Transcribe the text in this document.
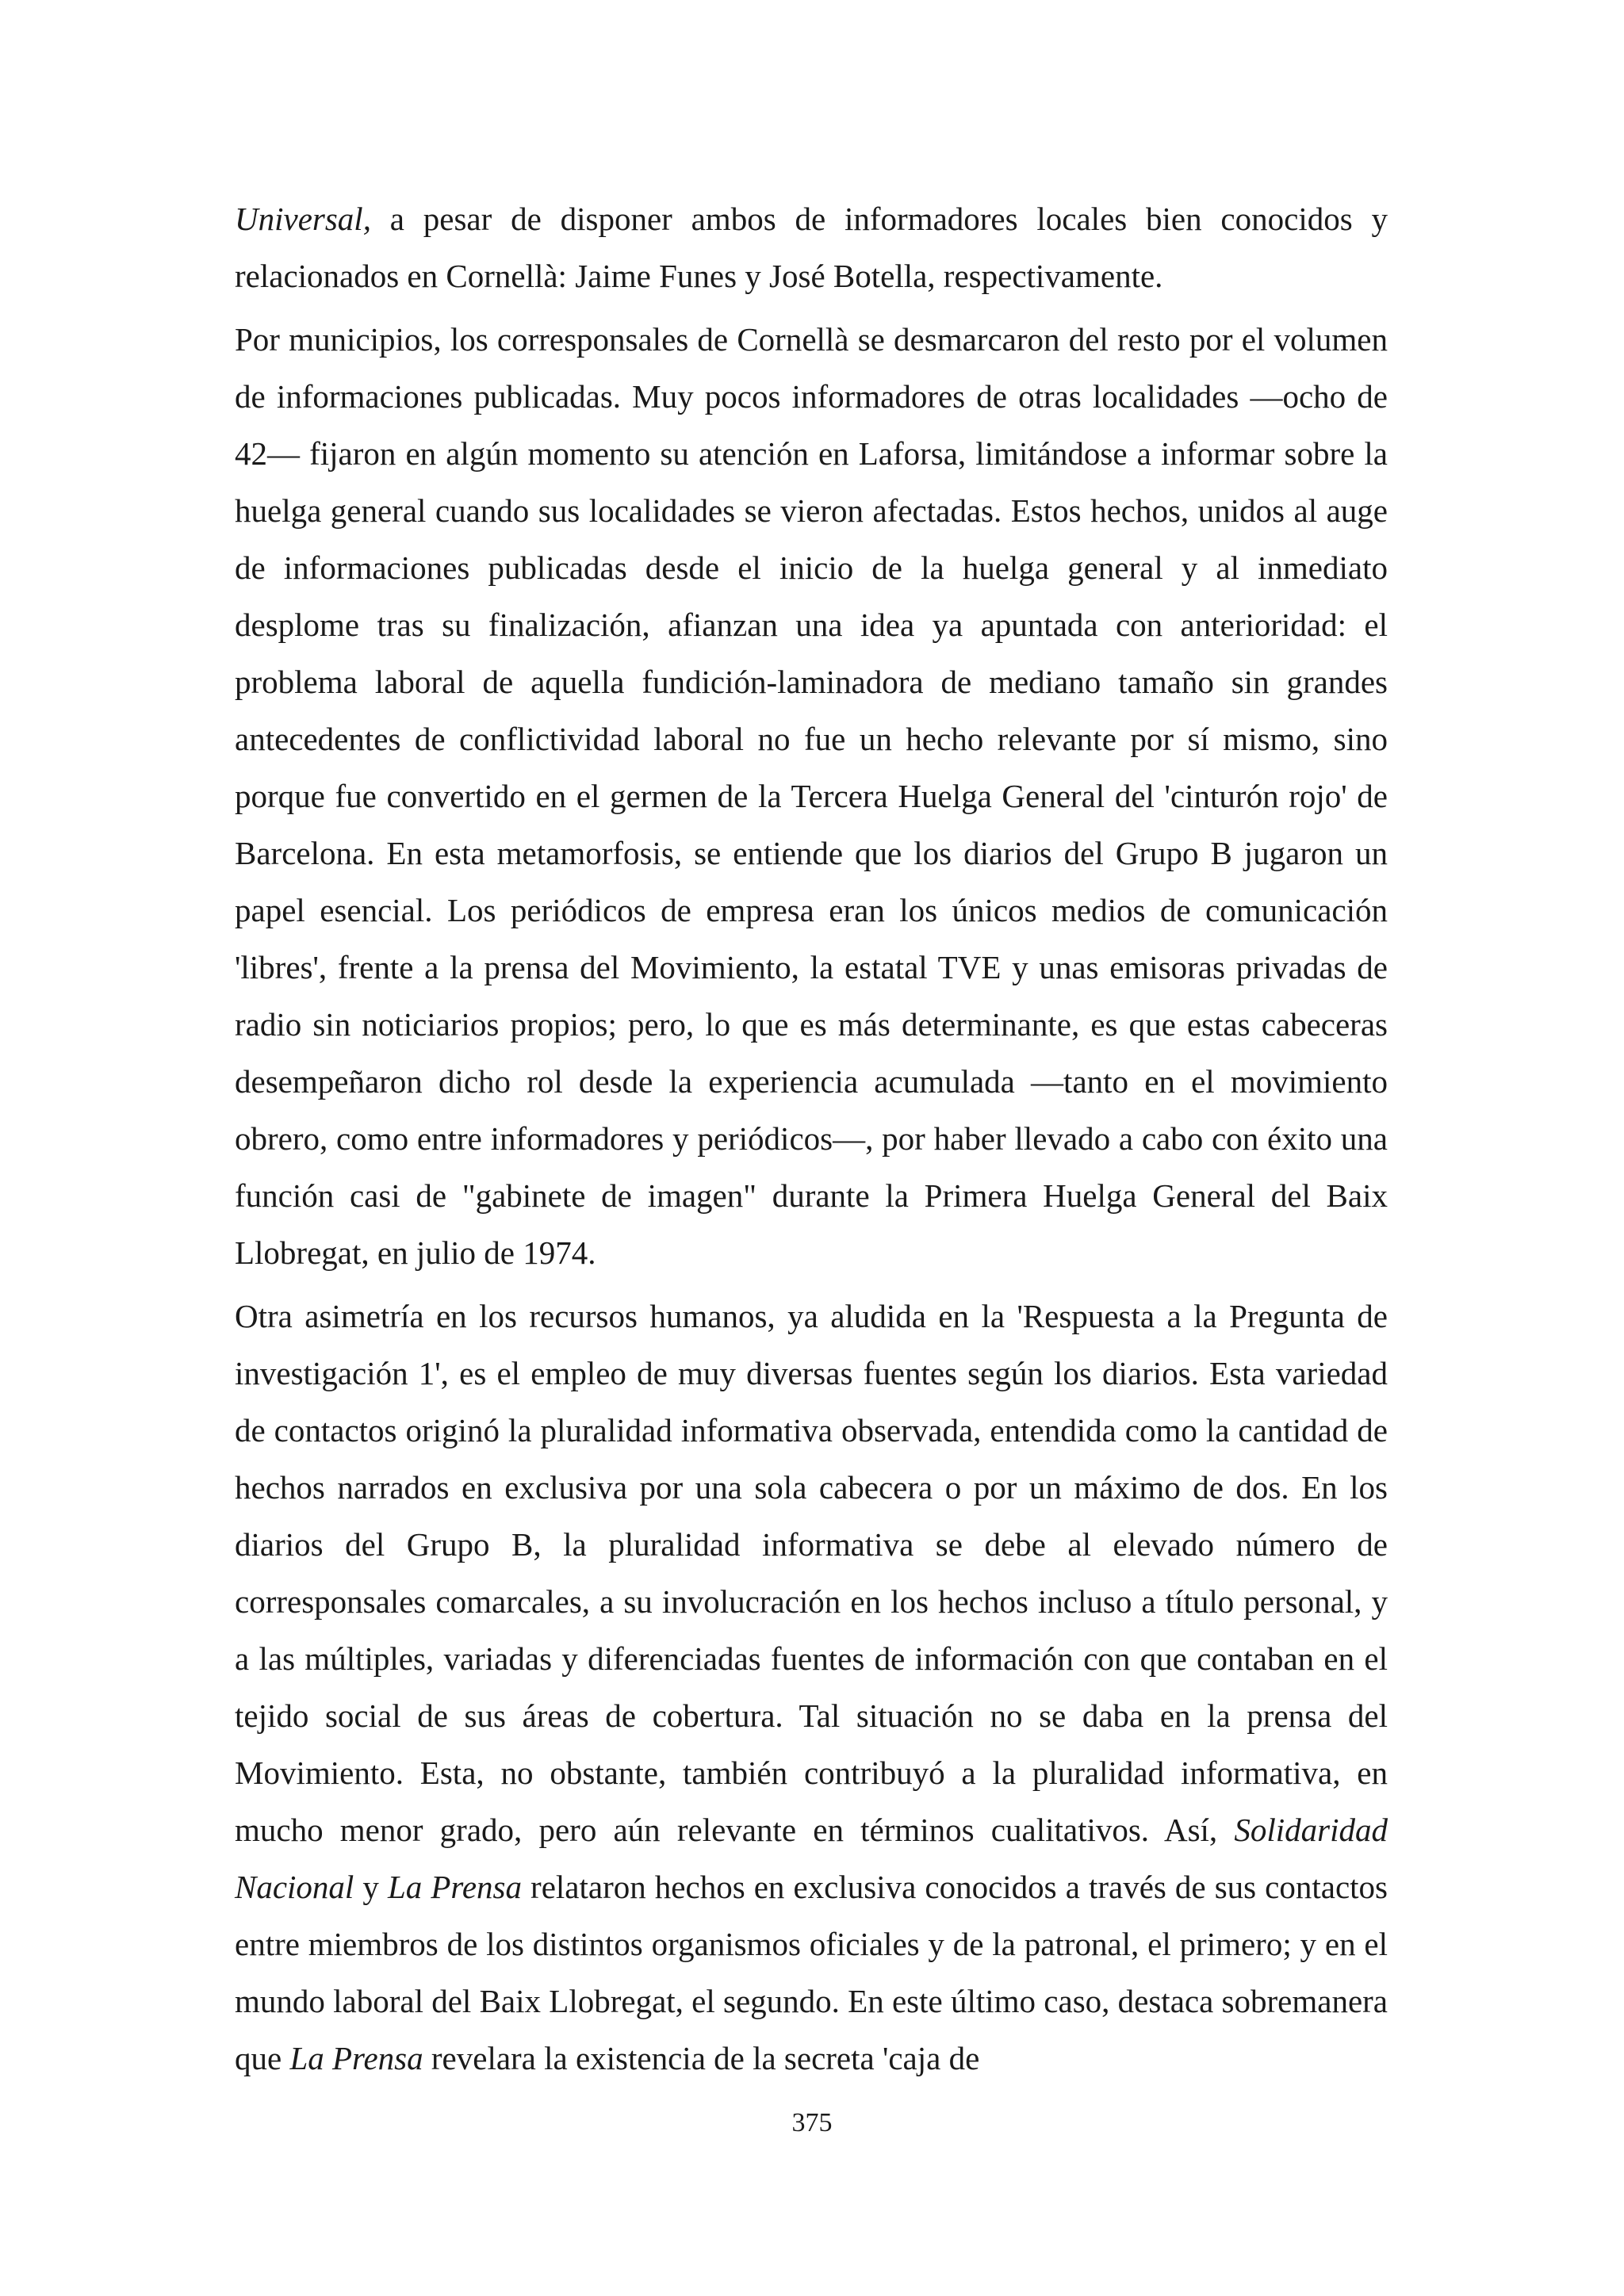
Universal, a pesar de disponer ambos de informadores locales bien conocidos y relacionados en Cornellà: Jaime Funes y José Botella, respectivamente.

Por municipios, los corresponsales de Cornellà se desmarcaron del resto por el volumen de informaciones publicadas. Muy pocos informadores de otras localidades —ocho de 42— fijaron en algún momento su atención en Laforsa, limitándose a informar sobre la huelga general cuando sus localidades se vieron afectadas. Estos hechos, unidos al auge de informaciones publicadas desde el inicio de la huelga general y al inmediato desplome tras su finalización, afianzan una idea ya apuntada con anterioridad: el problema laboral de aquella fundición-laminadora de mediano tamaño sin grandes antecedentes de conflictividad laboral no fue un hecho relevante por sí mismo, sino porque fue convertido en el germen de la Tercera Huelga General del 'cinturón rojo' de Barcelona. En esta metamorfosis, se entiende que los diarios del Grupo B jugaron un papel esencial. Los periódicos de empresa eran los únicos medios de comunicación 'libres', frente a la prensa del Movimiento, la estatal TVE y unas emisoras privadas de radio sin noticiarios propios; pero, lo que es más determinante, es que estas cabeceras desempeñaron dicho rol desde la experiencia acumulada —tanto en el movimiento obrero, como entre informadores y periódicos—, por haber llevado a cabo con éxito una función casi de "gabinete de imagen" durante la Primera Huelga General del Baix Llobregat, en julio de 1974.

Otra asimetría en los recursos humanos, ya aludida en la 'Respuesta a la Pregunta de investigación 1', es el empleo de muy diversas fuentes según los diarios. Esta variedad de contactos originó la pluralidad informativa observada, entendida como la cantidad de hechos narrados en exclusiva por una sola cabecera o por un máximo de dos. En los diarios del Grupo B, la pluralidad informativa se debe al elevado número de corresponsales comarcales, a su involucración en los hechos incluso a título personal, y a las múltiples, variadas y diferenciadas fuentes de información con que contaban en el tejido social de sus áreas de cobertura. Tal situación no se daba en la prensa del Movimiento. Esta, no obstante, también contribuyó a la pluralidad informativa, en mucho menor grado, pero aún relevante en términos cualitativos. Así, Solidaridad Nacional y La Prensa relataron hechos en exclusiva conocidos a través de sus contactos entre miembros de los distintos organismos oficiales y de la patronal, el primero; y en el mundo laboral del Baix Llobregat, el segundo. En este último caso, destaca sobremanera que La Prensa revelara la existencia de la secreta 'caja de

375
